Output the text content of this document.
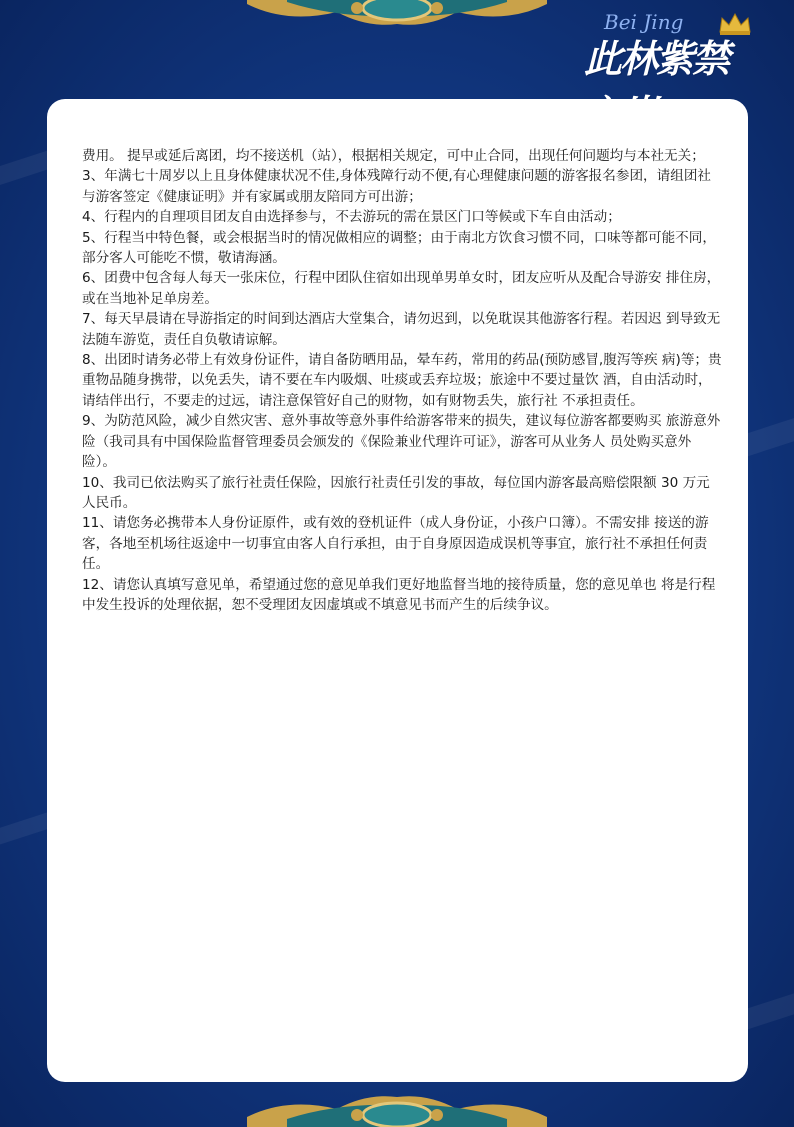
Bei Jing
此林紫禁

费用。 提早或延后离团，均不接送机（站），根据相关规定，可中止合同，出现任何问题均与本社无关；

3、年满七十周岁以上且身体健康状况不佳,身体残障行动不便,有心理健康问题的游客报名参团，请组团社与游客签定《健康证明》并有家属或朋友陪同方可出游；

4、行程内的自理项目团友自由选择参与，不去游玩的需在景区门口等候或下车自由活动；

5、行程当中特色餐，或会根据当时的情况做相应的调整；由于南北方饮食习惯不同，口味等都可能不同，部分客人可能吃不惯，敬请海涵。

6、团费中包含每人每天一张床位，行程中团队住宿如出现单男单女时，团友应听从及配合导游安 排住房，或在当地补足单房差。

7、每天早晨请在导游指定的时间到达酒店大堂集合，请勿迟到，以免耽误其他游客行程。若因迟 到导致无法随车游览，责任自负敬请谅解。

8、出团时请务必带上有效身份证件，请自备防晒用品，晕车药，常用的药品(预防感冒,腹泻等疾 病)等；贵重物品随身携带，以免丢失，请不要在车内吸烟、吐痰或丢弃垃圾；旅途中不要过量饮 酒，自由活动时，请结伴出行，不要走的过远，请注意保管好自己的财物，如有财物丢失，旅行社 不承担责任。

9、为防范风险，减少自然灾害、意外事故等意外事件给游客带来的损失，建议每位游客都要购买 旅游意外险（我司具有中国保险监督管理委员会颁发的《保险兼业代理许可证》，游客可从业务人 员处购买意外险）。

10、我司已依法购买了旅行社责任保险，因旅行社责任引发的事故，每位国内游客最高赔偿限额 30 万元人民币。

11、请您务必携带本人身份证原件，或有效的登机证件（成人身份证，小孩户口簿）。不需安排 接送的游客，各地至机场往返途中一切事宜由客人自行承担，由于自身原因造成误机等事宜，旅行社不承担任何责任。

12、请您认真填写意见单，希望通过您的意见单我们更好地监督当地的接待质量，您的意见单也 将是行程中发生投诉的处理依据，恕不受理团友因虚填或不填意见书而产生的后续争议。
